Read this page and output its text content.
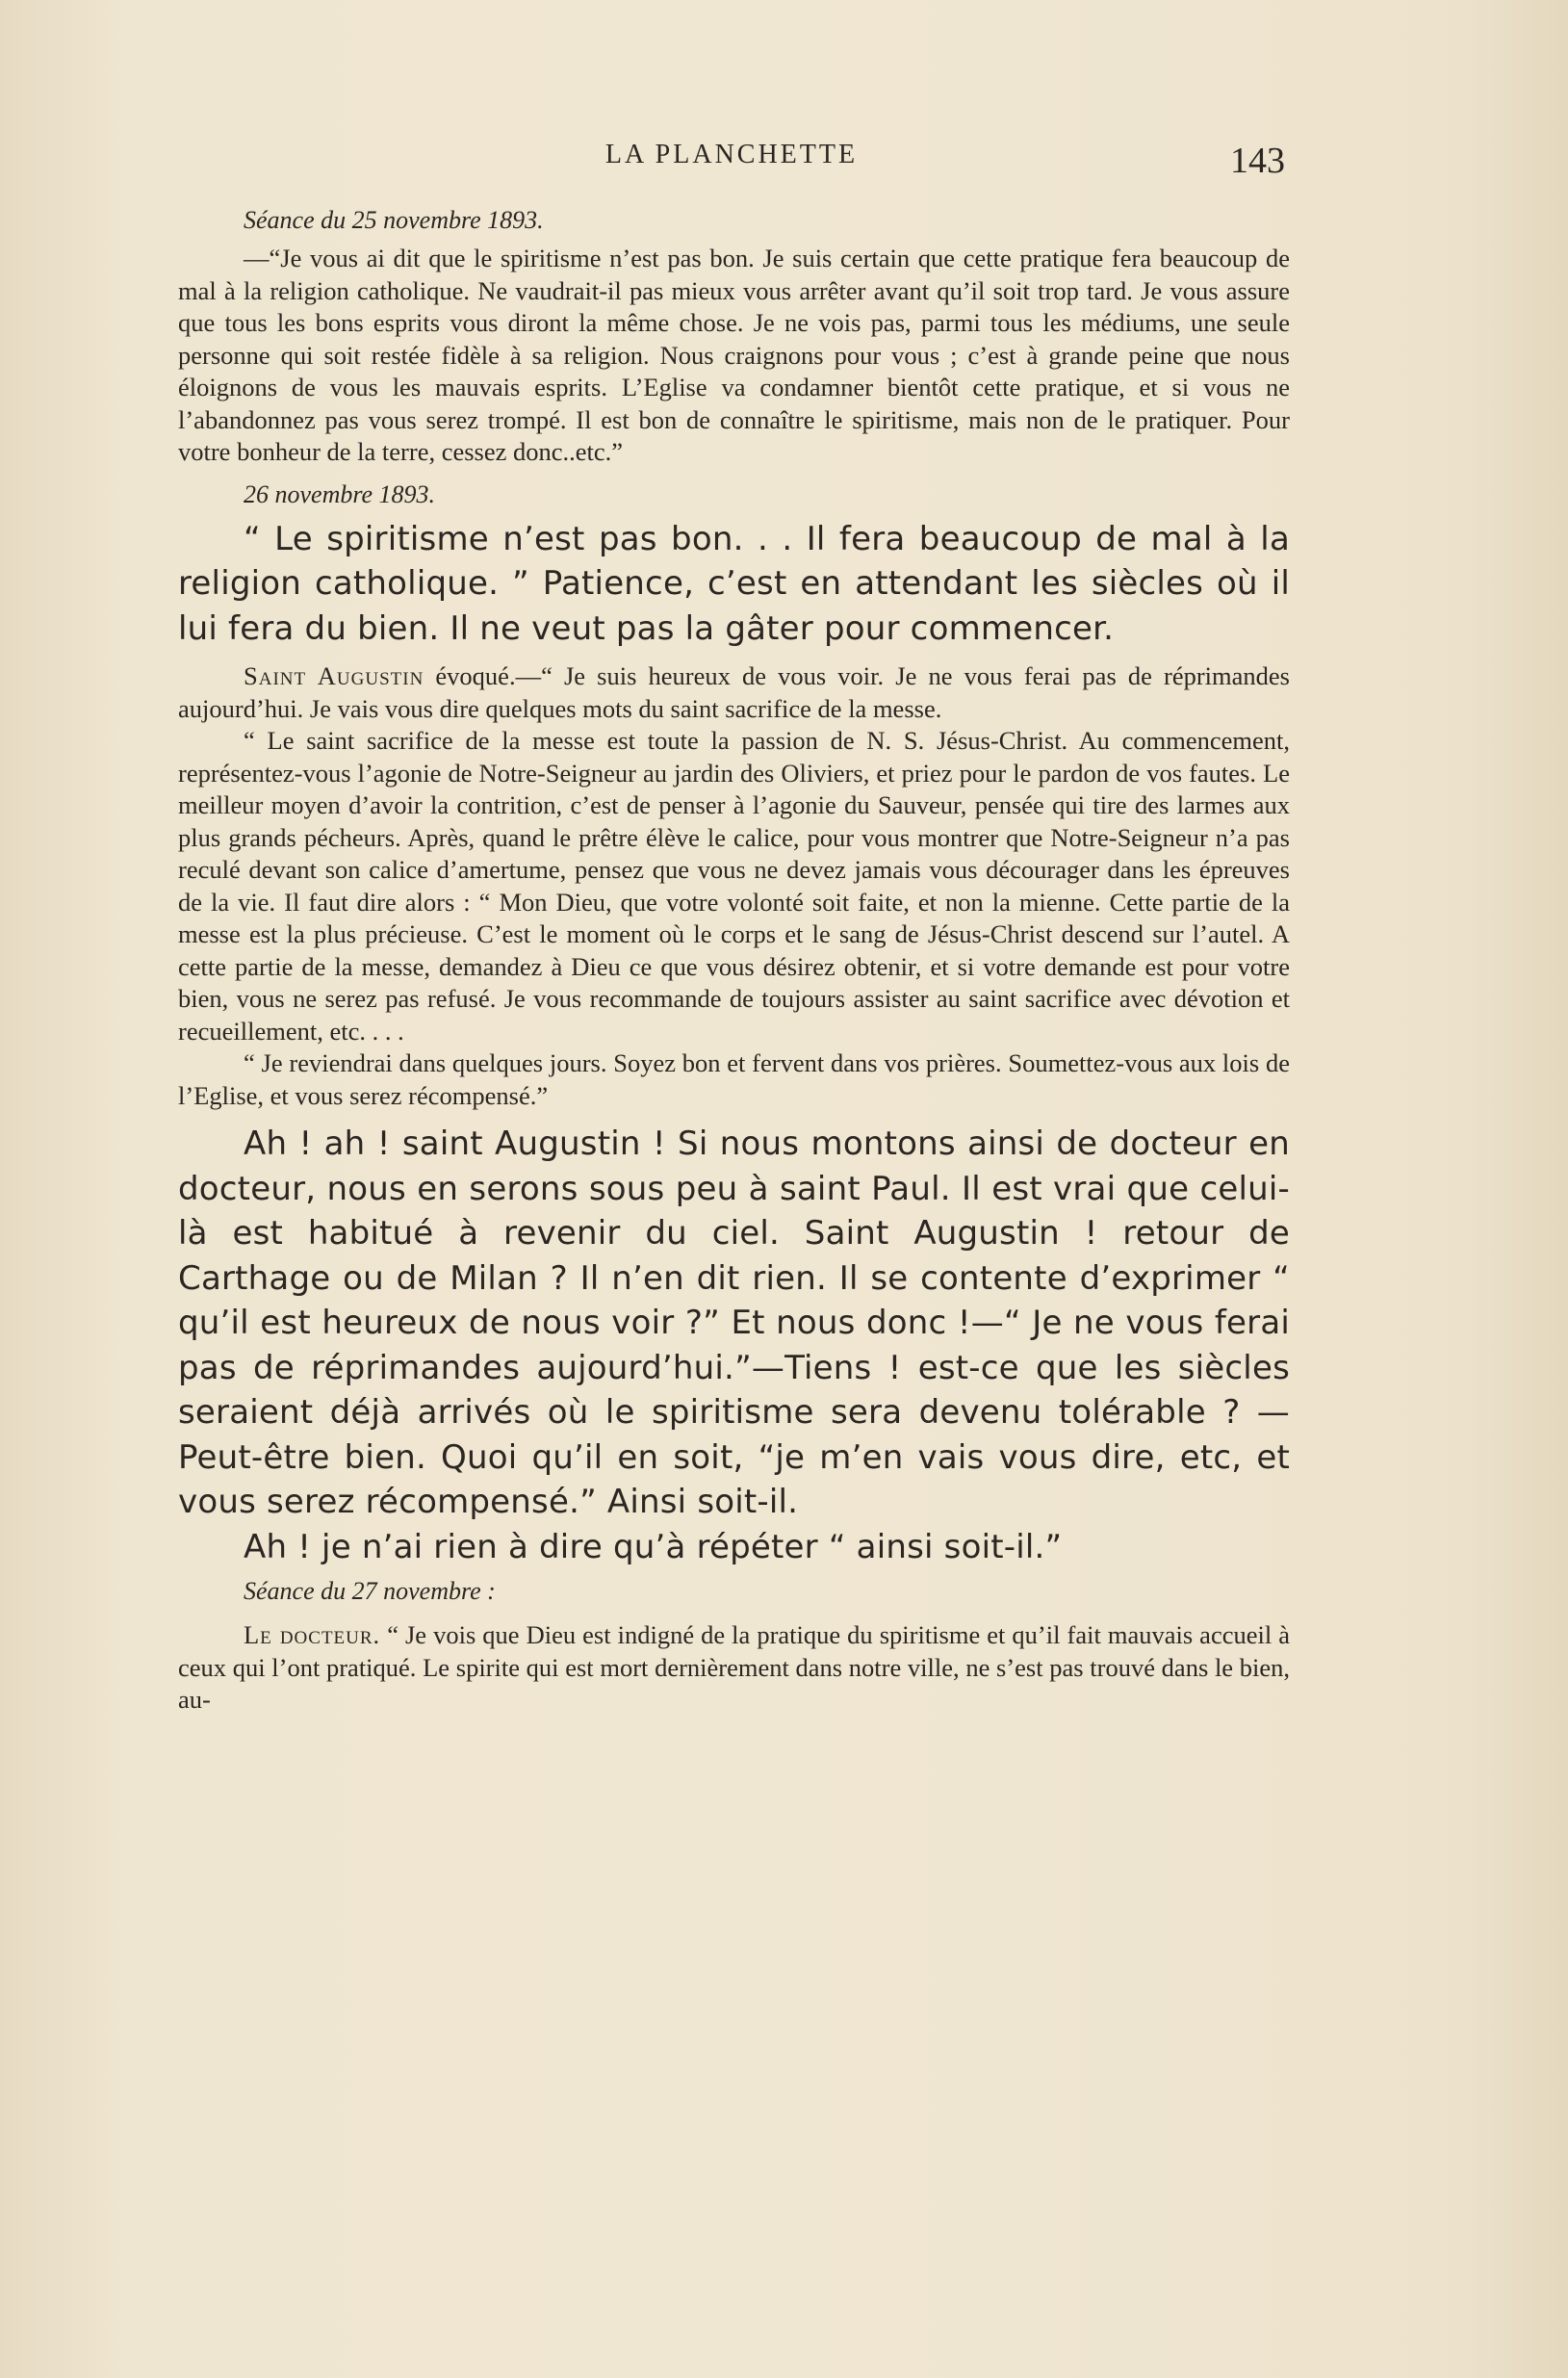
LA PLANCHETTE	143
Séance du 25 novembre 1893.

—“Je vous ai dit que le spiritisme n’est pas bon. Je suis certain que cette pratique fera beaucoup de mal à la religion catholique. Ne vaudrait-il pas mieux vous arrêter avant qu’il soit trop tard. Je vous assure que tous les bons esprits vous diront la même chose. Je ne vois pas, parmi tous les médiums, une seule personne qui soit restée fidèle à sa religion. Nous craignons pour vous ; c’est à grande peine que nous éloignons de vous les mauvais esprits. L’Eglise va condamner bientôt cette pratique, et si vous ne l’abandonnez pas vous serez trompé. Il est bon de connaître le spiritisme, mais non de le pratiquer. Pour votre bonheur de la terre, cessez donc..etc.”

26 novembre 1893.

“ Le spiritisme n’est pas bon. . . Il fera beaucoup de mal à la religion catholique. ” Patience, c’est en attendant les siècles où il lui fera du bien. Il ne veut pas la gâter pour commencer.

Saint Augustin évoqué.—“ Je suis heureux de vous voir. Je ne vous ferai pas de réprimandes aujourd’hui. Je vais vous dire quelques mots du saint sacrifice de la messe.

“ Le saint sacrifice de la messe est toute la passion de N. S. Jésus-Christ. Au commencement, représentez-vous l’agonie de Notre-Seigneur au jardin des Oliviers, et priez pour le pardon de vos fautes. Le meilleur moyen d’avoir la contrition, c’est de penser à l’agonie du Sauveur, pensée qui tire des larmes aux plus grands pécheurs. Après, quand le prêtre élève le calice, pour vous montrer que Notre-Seigneur n’a pas reculé devant son calice d’amertume, pensez que vous ne devez jamais vous décourager dans les épreuves de la vie. Il faut dire alors : “ Mon Dieu, que votre volonté soit faite, et non la mienne. Cette partie de la messe est la plus précieuse. C’est le moment où le corps et le sang de Jésus-Christ descend sur l’autel. A cette partie de la messe, demandez à Dieu ce que vous désirez obtenir, et si votre demande est pour votre bien, vous ne serez pas refusé. Je vous recommande de toujours assister au saint sacrifice avec dévotion et recueillement, etc. . . .

“ Je reviendrai dans quelques jours. Soyez bon et fervent dans vos prières. Soumettez-vous aux lois de l’Eglise, et vous serez récompensé.”

Ah ! ah ! saint Augustin ! Si nous montons ainsi de docteur en docteur, nous en serons sous peu à saint Paul. Il est vrai que celui-là est habitué à revenir du ciel. Saint Augustin ! retour de Carthage ou de Milan ? Il n’en dit rien. Il se contente d’exprimer “ qu’il est heureux de nous voir ?” Et nous donc !—“ Je ne vous ferai pas de réprimandes aujourd’hui.”—Tiens ! est-ce que les siècles seraient déjà arrivés où le spiritisme sera devenu tolérable ? —Peut-être bien. Quoi qu’il en soit, “je m’en vais vous dire, etc, et vous serez récompensé.” Ainsi soit-il.

Ah ! je n’ai rien à dire qu’à répéter “ ainsi soit-il.”

Séance du 27 novembre :

Le docteur. “ Je vois que Dieu est indigné de la pratique du spiritisme et qu’il fait mauvais accueil à ceux qui l’ont pratiqué. Le spirite qui est mort dernièrement dans notre ville, ne s’est pas trouvé dans le bien, au-
